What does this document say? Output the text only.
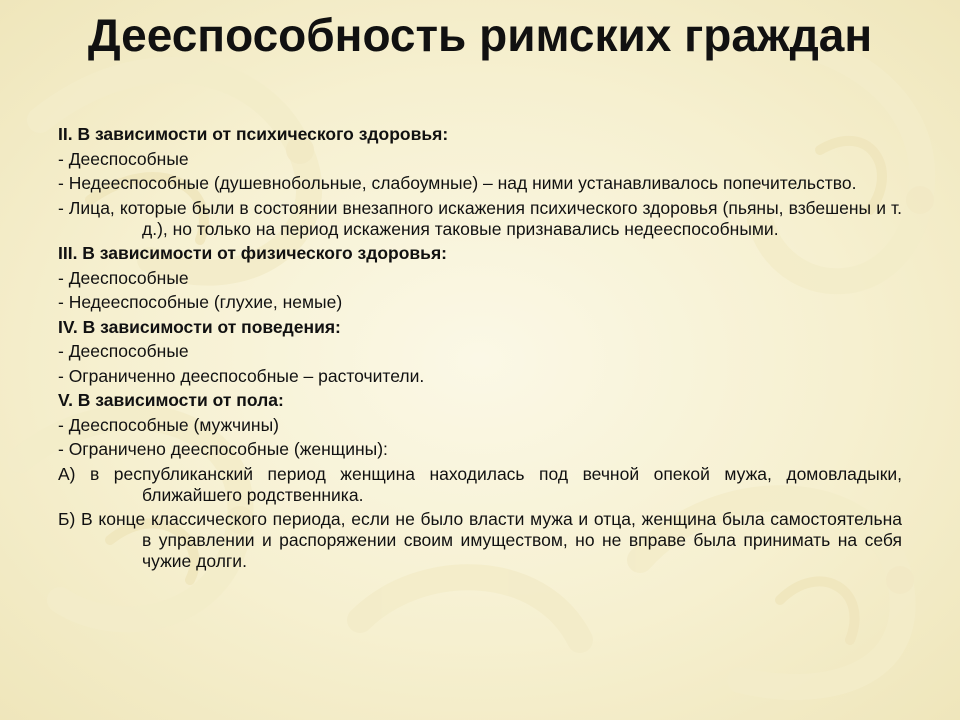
Дееспособность римских граждан

II. В зависимости от психического здоровья:

- Дееспособные

- Недееспособные (душевнобольные, слабоумные) – над ними устанавливалось попечительство.

- Лица, которые были в состоянии внезапного искажения психического здоровья (пьяны, взбешены и т. д.), но только на период искажения таковые признавались недееспособными.

III. В зависимости от физического здоровья:

- Дееспособные

- Недееспособные (глухие, немые)

IV. В зависимости от поведения:

- Дееспособные

- Ограниченно дееспособные – расточители.

V. В зависимости от пола:

- Дееспособные (мужчины)

- Ограничено дееспособные (женщины):

А) в республиканский период женщина находилась под вечной опекой мужа, домовладыки, ближайшего родственника.

Б) В конце классического периода, если не было власти мужа и отца, женщина была самостоятельна в управлении и распоряжении своим имуществом, но не вправе была принимать на себя чужие долги.
